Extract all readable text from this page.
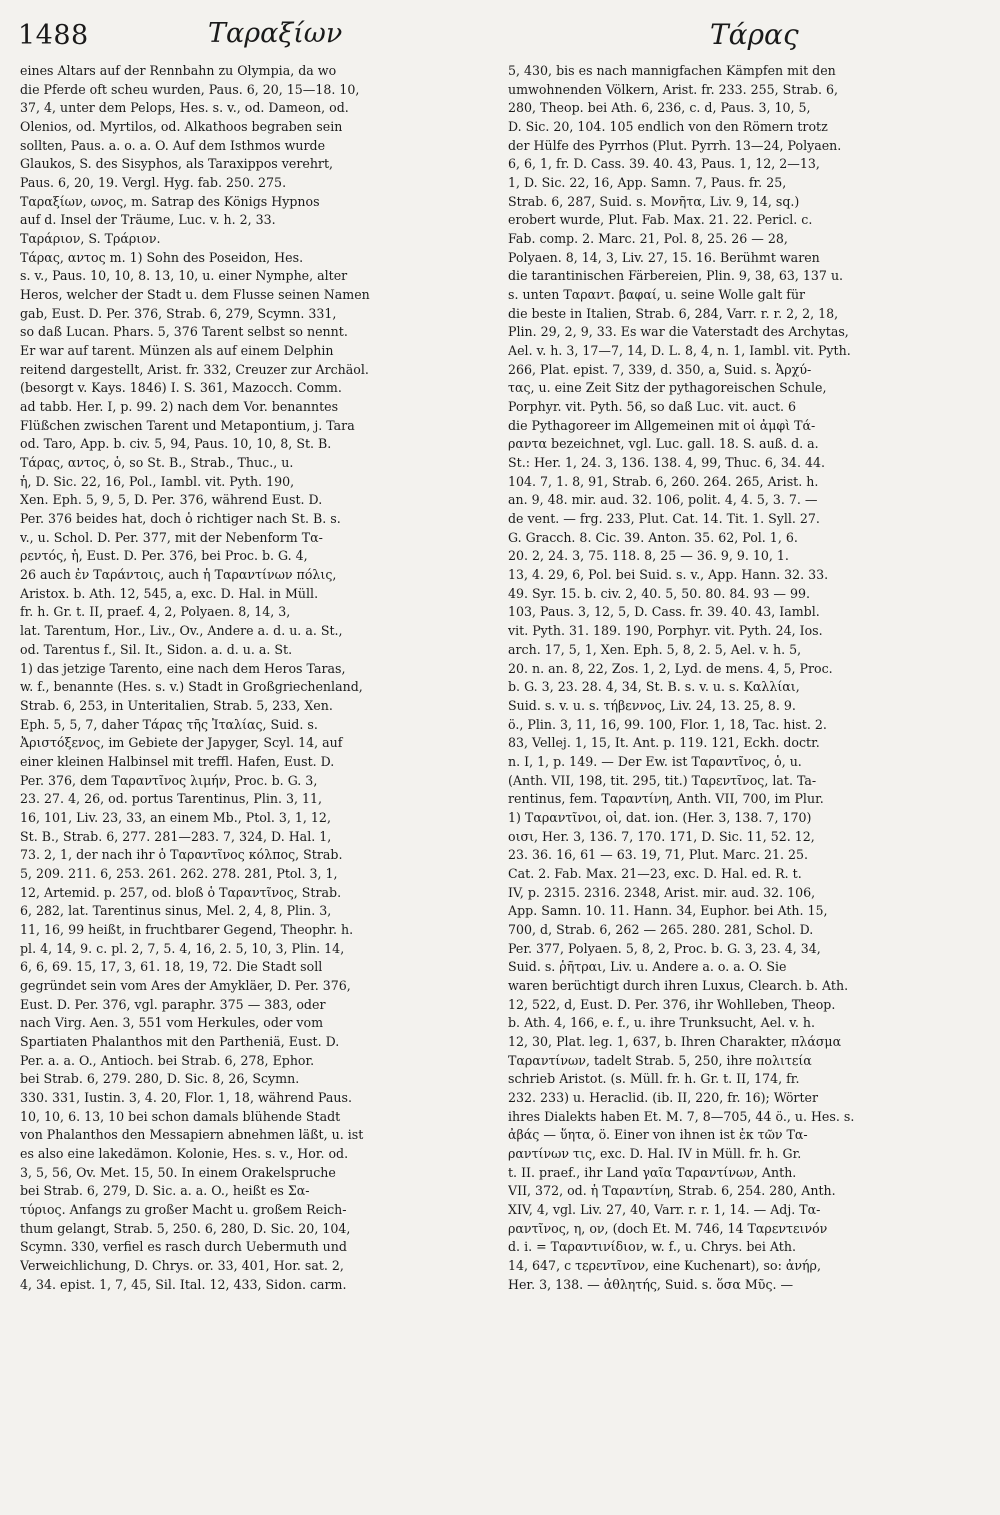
1488	Ταραξίων	Τάρας
eines Altars auf der Rennbahn zu Olympia, da wo
die Pferde oft scheu wurden, Paus. 6, 20, 15—18. 10,
37, 4, unter dem Pelops, Hes. s. v., od. Dameon, od.
Olenios, od. Myrtilos, od. Alkathoos begraben sein
sollten, Paus. a. o. a. O. Auf dem Isthmos wurde
Glaukos, S. des Sisyphos, als Taraxippos verehrt,
Paus. 6, 20, 19. Vergl. Hyg. fab. 250. 275.
Ταραξίων, ωνος, m. Satrap des Königs Hypnos
auf d. Insel der Träume, Luc. v. h. 2, 33.
Ταράριον, S. Τράριον.
Τάρας, αντος m. 1) Sohn des Poseidon, Hes.
s. v., Paus. 10, 10, 8. 13, 10, u. einer Nymphe, alter
Heros, welcher der Stadt u. dem Flusse seinen Namen
gab, Eust. D. Per. 376, Strab. 6, 279, Scymn. 331,
so daß Lucan. Phars. 5, 376 Tarent selbst so nennt.
Er war auf tarent. Münzen als auf einem Delphin
reitend dargestellt, Arist. fr. 332, Creuzer zur Archäol.
(besorgt v. Kays. 1846) I. S. 361, Mazocch. Comm.
ad tabb. Her. I, p. 99. 2) nach dem Vor. benanntes
Flüßchen zwischen Tarent und Metapontium, j. Tara
od. Taro, App. b. civ. 5, 94, Paus. 10, 10, 8, St. B.
Τάρας, αντος, ὁ, so St. B., Strab., Thuc., u.
ἡ, D. Sic. 22, 16, Pol., Iambl. vit. Pyth. 190,
Xen. Eph. 5, 9, 5, D. Per. 376, während Eust. D.
Per. 376 beides hat, doch ὁ richtiger nach St. B. s.
v., u. Schol. D. Per. 377, mit der Nebenform Τα-
ρεντός, ἡ, Eust. D. Per. 376, bei Proc. b. G. 4,
26 auch ἐν Ταράντοις, auch ἡ Ταραντίνων πόλις,
Aristox. b. Ath. 12, 545, a, exc. D. Hal. in Müll.
fr. h. Gr. t. II, praef. 4, 2, Polyaen. 8, 14, 3,
lat. Tarentum, Hor., Liv., Ov., Andere a. d. u. a. St.,
od. Tarentus f., Sil. It., Sidon. a. d. u. a. St.
1) das jetzige Tarento, eine nach dem Heros Taras,
w. f., benannte (Hes. s. v.) Stadt in Großgriechenland,
Strab. 6, 253, in Unteritalien, Strab. 5, 233, Xen.
Eph. 5, 5, 7, daher Τάρας τῆς Ἰταλίας, Suid. s.
Ἀριστόξενος, im Gebiete der Japyger, Scyl. 14, auf
einer kleinen Halbinsel mit treffl. Hafen, Eust. D.
Per. 376, dem Ταραντῖνος λιμήν, Proc. b. G. 3,
23. 27. 4, 26, od. portus Tarentinus, Plin. 3, 11,
16, 101, Liv. 23, 33, an einem Mb., Ptol. 3, 1, 12,
St. B., Strab. 6, 277. 281—283. 7, 324, D. Hal. 1,
73. 2, 1, der nach ihr ὁ Ταραντῖνος κόλπος, Strab.
5, 209. 211. 6, 253. 261. 262. 278. 281, Ptol. 3, 1,
12, Artemid. p. 257, od. bloß ὁ Ταραντῖνος, Strab.
6, 282, lat. Tarentinus sinus, Mel. 2, 4, 8, Plin. 3,
11, 16, 99 heißt, in fruchtbarer Gegend, Theophr. h.
pl. 4, 14, 9. c. pl. 2, 7, 5. 4, 16, 2. 5, 10, 3, Plin. 14,
6, 6, 69. 15, 17, 3, 61. 18, 19, 72. Die Stadt soll
gegründet sein vom Ares der Amykläer, D. Per. 376,
Eust. D. Per. 376, vgl. paraphr. 375 — 383, oder
nach Virg. Aen. 3, 551 vom Herkules, oder vom
Spartiaten Phalanthos mit den Partheniä, Eust. D.
Per. a. a. O., Antioch. bei Strab. 6, 278, Ephor.
bei Strab. 6, 279. 280, D. Sic. 8, 26, Scymn.
330. 331, Iustin. 3, 4. 20, Flor. 1, 18, während Paus.
10, 10, 6. 13, 10 bei schon damals blühende Stadt
von Phalanthos den Messapiern abnehmen läßt, u. ist
es also eine lakedämon. Kolonie, Hes. s. v., Hor. od.
3, 5, 56, Ov. Met. 15, 50. In einem Orakelspruche
bei Strab. 6, 279, D. Sic. a. a. O., heißt es Σα-
τύριος. Anfangs zu großer Macht u. großem Reich-
thum gelangt, Strab. 5, 250. 6, 280, D. Sic. 20, 104,
Scymn. 330, verfiel es rasch durch Uebermuth und
Verweichlichung, D. Chrys. or. 33, 401, Hor. sat. 2,
4, 34. epist. 1, 7, 45, Sil. Ital. 12, 433, Sidon. carm.
5, 430, bis es nach mannigfachen Kämpfen mit den
umwohnenden Völkern, Arist. fr. 233. 255, Strab. 6,
280, Theop. bei Ath. 6, 236, c. d, Paus. 3, 10, 5,
D. Sic. 20, 104. 105 endlich von den Römern trotz
der Hülfe des Pyrrhos (Plut. Pyrrh. 13—24, Polyaen.
6, 6, 1, fr. D. Cass. 39. 40. 43, Paus. 1, 12, 2—13,
1, D. Sic. 22, 16, App. Samn. 7, Paus. fr. 25,
Strab. 6, 287, Suid. s. Μονῆτα, Liv. 9, 14, sq.)
erobert wurde, Plut. Fab. Max. 21. 22. Pericl. c.
Fab. comp. 2. Marc. 21, Pol. 8, 25. 26 — 28,
Polyaen. 8, 14, 3, Liv. 27, 15. 16. Berühmt waren
die tarantinischen Färbereien, Plin. 9, 38, 63, 137 u.
s. unten Ταραντ. βαφαί, u. seine Wolle galt für
die beste in Italien, Strab. 6, 284, Varr. r. r. 2, 2, 18,
Plin. 29, 2, 9, 33. Es war die Vaterstadt des Archytas,
Ael. v. h. 3, 17—7, 14, D. L. 8, 4, n. 1, Iambl. vit. Pyth.
266, Plat. epist. 7, 339, d. 350, a, Suid. s. Ἀρχύ-
τας, u. eine Zeit Sitz der pythagoreischen Schule,
Porphyr. vit. Pyth. 56, so daß Luc. vit. auct. 6
die Pythagoreer im Allgemeinen mit οἱ ἀμφὶ Τά-
ραντα bezeichnet, vgl. Luc. gall. 18. S. auß. d. a.
St.: Her. 1, 24. 3, 136. 138. 4, 99, Thuc. 6, 34. 44.
104. 7, 1. 8, 91, Strab. 6, 260. 264. 265, Arist. h.
an. 9, 48. mir. aud. 32. 106, polit. 4, 4. 5, 3. 7. —
de vent. — frg. 233, Plut. Cat. 14. Tit. 1. Syll. 27.
G. Gracch. 8. Cic. 39. Anton. 35. 62, Pol. 1, 6.
20. 2, 24. 3, 75. 118. 8, 25 — 36. 9, 9. 10, 1.
13, 4. 29, 6, Pol. bei Suid. s. v., App. Hann. 32. 33.
49. Syr. 15. b. civ. 2, 40. 5, 50. 80. 84. 93 — 99.
103, Paus. 3, 12, 5, D. Cass. fr. 39. 40. 43, Iambl.
vit. Pyth. 31. 189. 190, Porphyr. vit. Pyth. 24, Ios.
arch. 17, 5, 1, Xen. Eph. 5, 8, 2. 5, Ael. v. h. 5,
20. n. an. 8, 22, Zos. 1, 2, Lyd. de mens. 4, 5, Proc.
b. G. 3, 23. 28. 4, 34, St. B. s. v. u. s. Καλλίαι,
Suid. s. v. u. s. τήβεννος, Liv. 24, 13. 25, 8. 9.
ö., Plin. 3, 11, 16, 99. 100, Flor. 1, 18, Tac. hist. 2.
83, Vellej. 1, 15, It. Ant. p. 119. 121, Eckh. doctr.
n. I, 1, p. 149. — Der Ew. ist Ταραντῖνος, ὁ, u.
(Anth. VII, 198, tit. 295, tit.) Ταρεντῖνος, lat. Ta-
rentinus, fem. Ταραντίνη, Anth. VII, 700, im Plur.
1) Ταραντῖνοι, οἱ, dat. ion. (Her. 3, 138. 7, 170)
οισι, Her. 3, 136. 7, 170. 171, D. Sic. 11, 52. 12,
23. 36. 16, 61 — 63. 19, 71, Plut. Marc. 21. 25.
Cat. 2. Fab. Max. 21—23, exc. D. Hal. ed. R. t.
IV, p. 2315. 2316. 2348, Arist. mir. aud. 32. 106,
App. Samn. 10. 11. Hann. 34, Euphor. bei Ath. 15,
700, d, Strab. 6, 262 — 265. 280. 281, Schol. D.
Per. 377, Polyaen. 5, 8, 2, Proc. b. G. 3, 23. 4, 34,
Suid. s. ῥῆτραι, Liv. u. Andere a. o. a. O. Sie
waren berüchtigt durch ihren Luxus, Clearch. b. Ath.
12, 522, d, Eust. D. Per. 376, ihr Wohlleben, Theop.
b. Ath. 4, 166, e. f., u. ihre Trunksucht, Ael. v. h.
12, 30, Plat. leg. 1, 637, b. Ihren Charakter, πλάσμα
Ταραντίνων, tadelt Strab. 5, 250, ihre πολιτεία
schrieb Aristot. (s. Müll. fr. h. Gr. t. II, 174, fr.
232. 233) u. Heraclid. (ib. II, 220, fr. 16); Wörter
ihres Dialekts haben Et. M. 7, 8—705, 44 ö., u. Hes. s.
ἀβάς — ὕητα, ö. Einer von ihnen ist ἐκ τῶν Τα-
ραντίνων τις, exc. D. Hal. IV in Müll. fr. h. Gr.
t. II. praef., ihr Land γαῖα Ταραντίνων, Anth.
VII, 372, od. ἡ Ταραντίνη, Strab. 6, 254. 280, Anth.
XIV, 4, vgl. Liv. 27, 40, Varr. r. r. 1, 14. — Adj. Τα-
ραντῖνος, η, ον, (doch Et. M. 746, 14 Ταρεντεινόν
d. i. = Ταραντινίδιον, w. f., u. Chrys. bei Ath.
14, 647, c τερεντῖνον, eine Kuchenart), so: ἀνήρ,
Her. 3, 138. — ἀθλητής, Suid. s. ὅσα Μῦς. —
